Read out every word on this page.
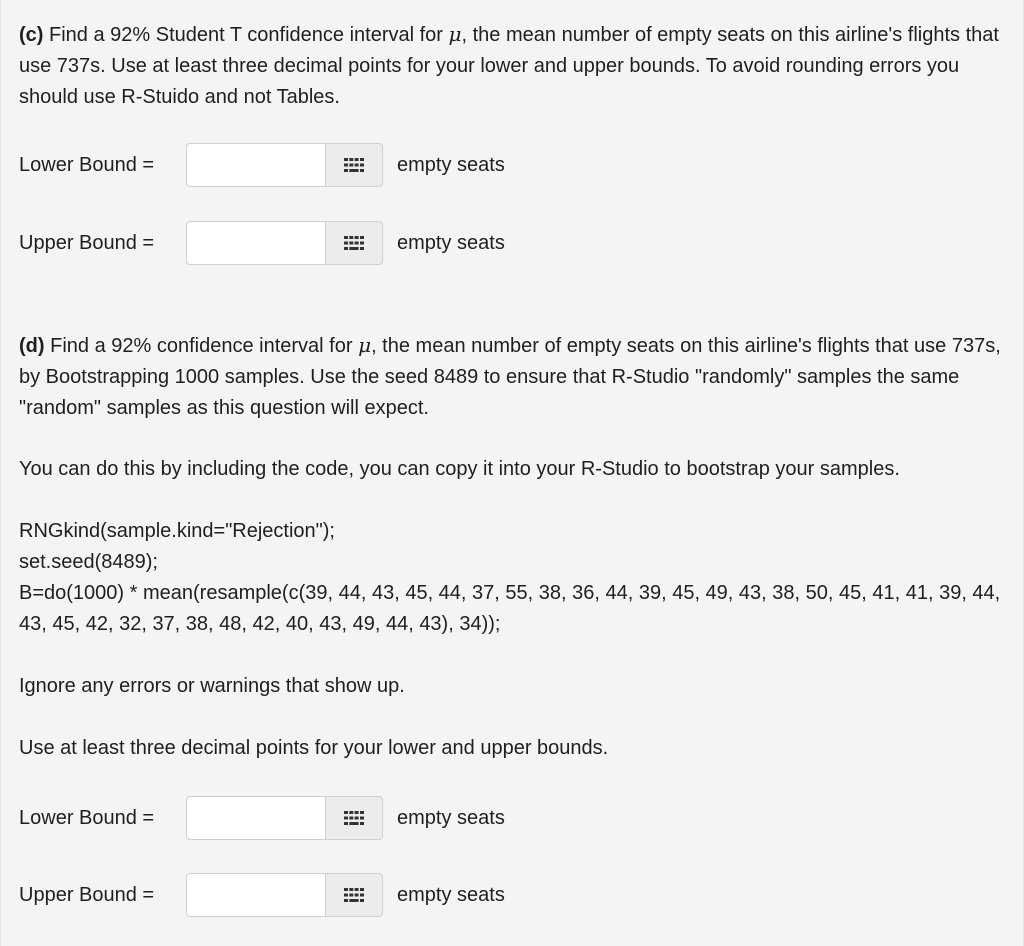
(c) Find a 92% Student T confidence interval for μ, the mean number of empty seats on this airline's flights that use 737s. Use at least three decimal points for your lower and upper bounds. To avoid rounding errors you should use R-Stuido and not Tables.

Lower Bound =	empty seats
Upper Bound =	empty seats

(d) Find a 92% confidence interval for μ, the mean number of empty seats on this airline's flights that use 737s, by Bootstrapping 1000 samples. Use the seed 8489 to ensure that R-Studio "randomly" samples the same "random" samples as this question will expect.

You can do this by including the code, you can copy it into your R-Studio to bootstrap your samples.

RNGkind(sample.kind="Rejection");

set.seed(8489);

B=do(1000) * mean(resample(c(39, 44, 43, 45, 44, 37, 55, 38, 36, 44, 39, 45, 49, 43, 38, 50, 45, 41, 41, 39, 44, 43, 45, 42, 32, 37, 38, 48, 42, 40, 43, 49, 44, 43), 34));

Ignore any errors or warnings that show up.

Use at least three decimal points for your lower and upper bounds.

Lower Bound =	empty seats
Upper Bound =	empty seats
